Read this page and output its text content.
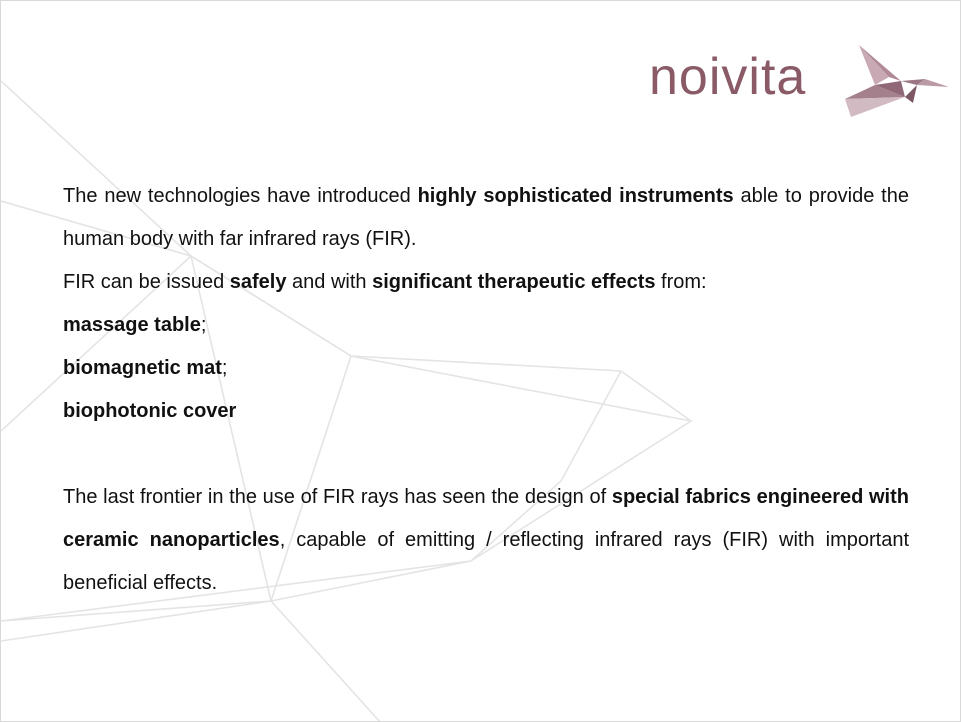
noivita

The new technologies have introduced highly sophisticated instruments able to provide the human body with far infrared rays (FIR).

FIR can be issued safely and with significant therapeutic effects from:

massage table;

biomagnetic mat;

biophotonic cover

The last frontier in the use of FIR rays has seen the design of special fabrics engineered with ceramic nanoparticles, capable of emitting / reflecting infrared rays (FIR) with important beneficial effects.
